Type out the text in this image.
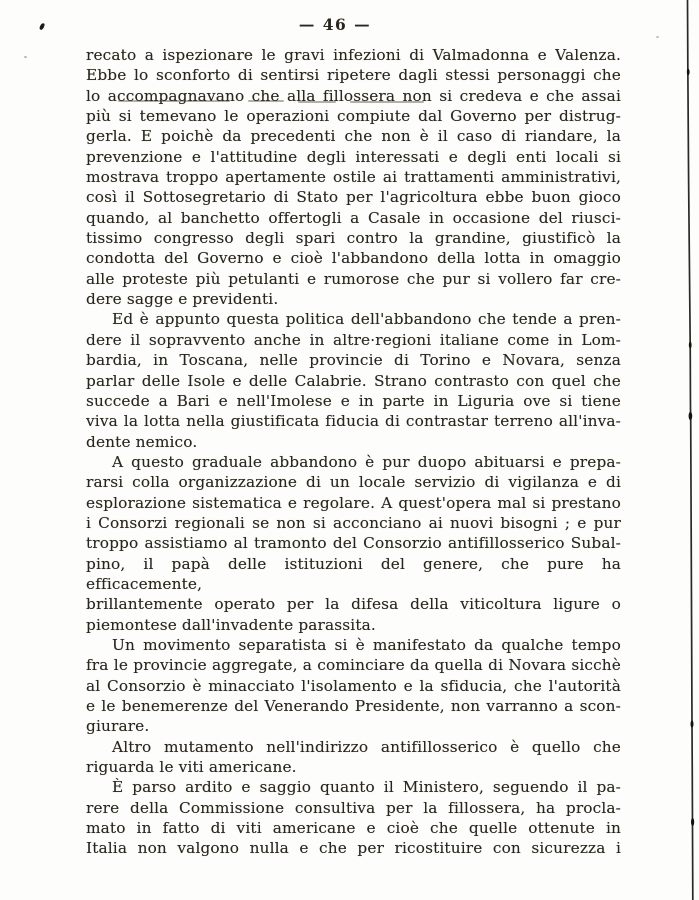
— 46 —
recato a ispezionare le gravi infezioni di Valmadonna e Valenza.
Ebbe lo sconforto di sentirsi ripetere dagli stessi personaggi che
lo accompagnavano che alla fillossera non si credeva e che assai
più si temevano le operazioni compiute dal Governo per distrug-
gerla. E poichè da precedenti che non è il caso di riandare, la
prevenzione e l'attitudine degli interessati e degli enti locali si
mostrava troppo apertamente ostile ai trattamenti amministrativi,
così il Sottosegretario di Stato per l'agricoltura ebbe buon gioco
quando, al banchetto offertogli a Casale in occasione del riusci-
tissimo congresso degli spari contro la grandine, giustificò la
condotta del Governo e cioè l'abbandono della lotta in omaggio
alle proteste più petulanti e rumorose che pur si vollero far cre-
dere sagge e previdenti.
Ed è appunto questa politica dell'abbandono che tende a pren-
dere il sopravvento anche in altre·regioni italiane come in Lom-
bardia, in Toscana, nelle provincie di Torino e Novara, senza
parlar delle Isole e delle Calabrie. Strano contrasto con quel che
succede a Bari e nell'Imolese e in parte in Liguria ove si tiene
viva la lotta nella giustificata fiducia di contrastar terreno all'inva-
dente nemico.
A questo graduale abbandono è pur duopo abituarsi e prepa-
rarsi colla organizzazione di un locale servizio di vigilanza e di
esplorazione sistematica e regolare. A quest'opera mal si prestano
i Consorzi regionali se non si acconciano ai nuovi bisogni ; e pur
troppo assistiamo al tramonto del Consorzio antifillosserico Subal-
pino, il papà delle istituzioni del genere, che pure ha efficacemente,
brillantemente operato per la difesa della viticoltura ligure o
piemontese dall'invadente parassita.
Un movimento separatista si è manifestato da qualche tempo
fra le provincie aggregate, a cominciare da quella di Novara sicchè
al Consorzio è minacciato l'isolamento e la sfiducia, che l'autorità
e le benemerenze del Venerando Presidente, non varranno a scon-
giurare.
Altro mutamento nell'indirizzo antifillosserico è quello che
riguarda le viti americane.
È parso ardito e saggio quanto il Ministero, seguendo il pa-
rere della Commissione consultiva per la fillossera, ha procla-
mato in fatto di viti americane e cioè che quelle ottenute in
Italia non valgono nulla e che per ricostituire con sicurezza i
